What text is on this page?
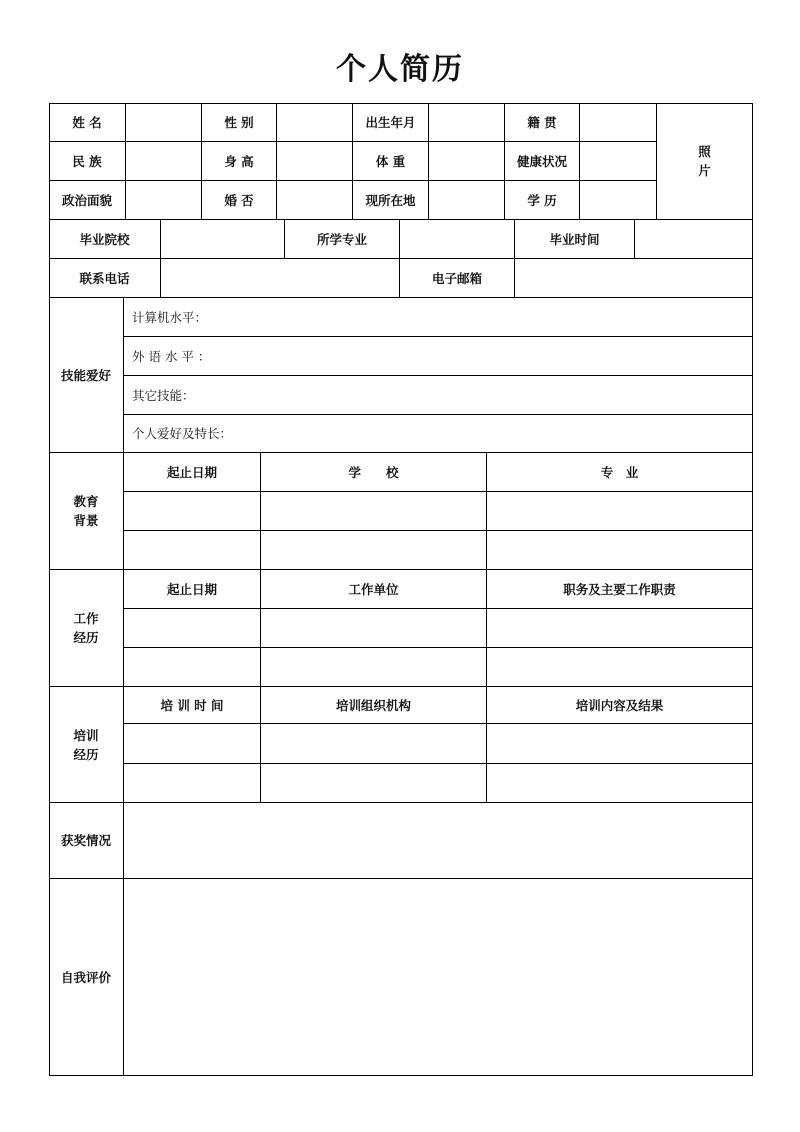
个人简历
姓 名	性 别	出生年月	籍 贯
照
片
民 族	身 高	体 重	健康状况
政治面貌	婚 否	现所在地	学 历
毕业院校	所学专业	毕业时间
联系电话	电子邮箱
技能爱好
计算机水平：
外 语 水 平 ：
其它技能：
个人爱好及特长：
教育
背景
起止日期	学　　校	专　业
工作
经历
起止日期	工作单位	职务及主要工作职责
培训
经历
培 训 时 间	培训组织机构	培训内容及结果
获奖情况
自我评价
